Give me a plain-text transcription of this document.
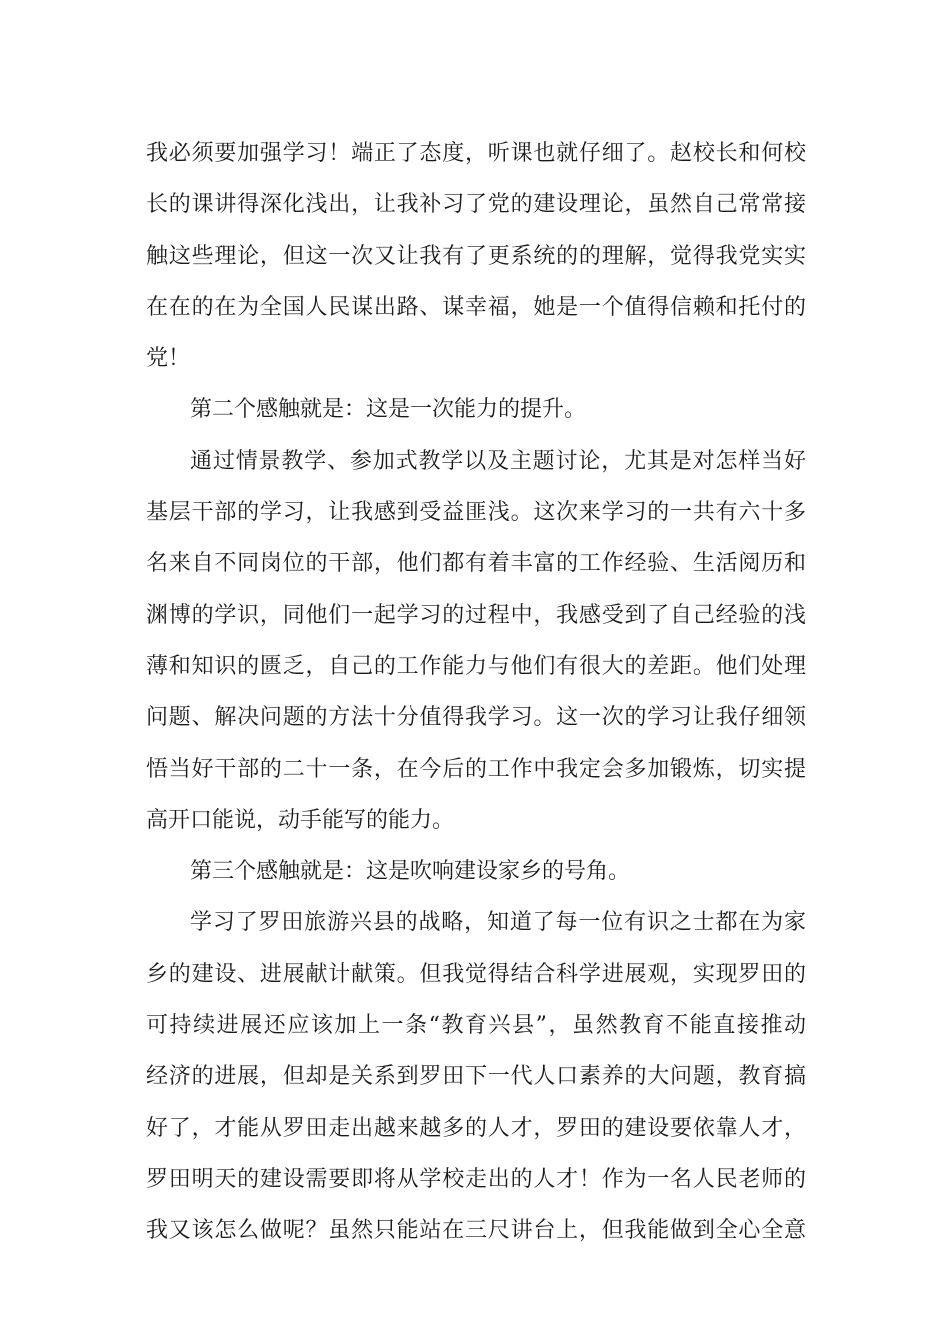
我必须要加强学习！端正了态度，听课也就仔细了。赵校长和何校
长的课讲得深化浅出，让我补习了党的建设理论，虽然自己常常接
触这些理论，但这一次又让我有了更系统的的理解，觉得我党实实
在在的在为全国人民谋出路、谋幸福，她是一个值得信赖和托付的
党！
第二个感触就是：这是一次能力的提升。
通过情景教学、参加式教学以及主题讨论，尤其是对怎样当好
基层干部的学习，让我感到受益匪浅。这次来学习的一共有六十多
名来自不同岗位的干部，他们都有着丰富的工作经验、生活阅历和
渊博的学识，同他们一起学习的过程中，我感受到了自己经验的浅
薄和知识的匮乏，自己的工作能力与他们有很大的差距。他们处理
问题、解决问题的方法十分值得我学习。这一次的学习让我仔细领
悟当好干部的二十一条，在今后的工作中我定会多加锻炼，切实提
高开口能说，动手能写的能力。
第三个感触就是：这是吹响建设家乡的号角。
学习了罗田旅游兴县的战略，知道了每一位有识之士都在为家
乡的建设、进展献计献策。但我觉得结合科学进展观，实现罗田的
可持续进展还应该加上一条“教育兴县”，虽然教育不能直接推动
经济的进展，但却是关系到罗田下一代人口素养的大问题，教育搞
好了，才能从罗田走出越来越多的人才，罗田的建设要依靠人才，
罗田明天的建设需要即将从学校走出的人才！作为一名人民老师的
我又该怎么做呢？虽然只能站在三尺讲台上，但我能做到全心全意
